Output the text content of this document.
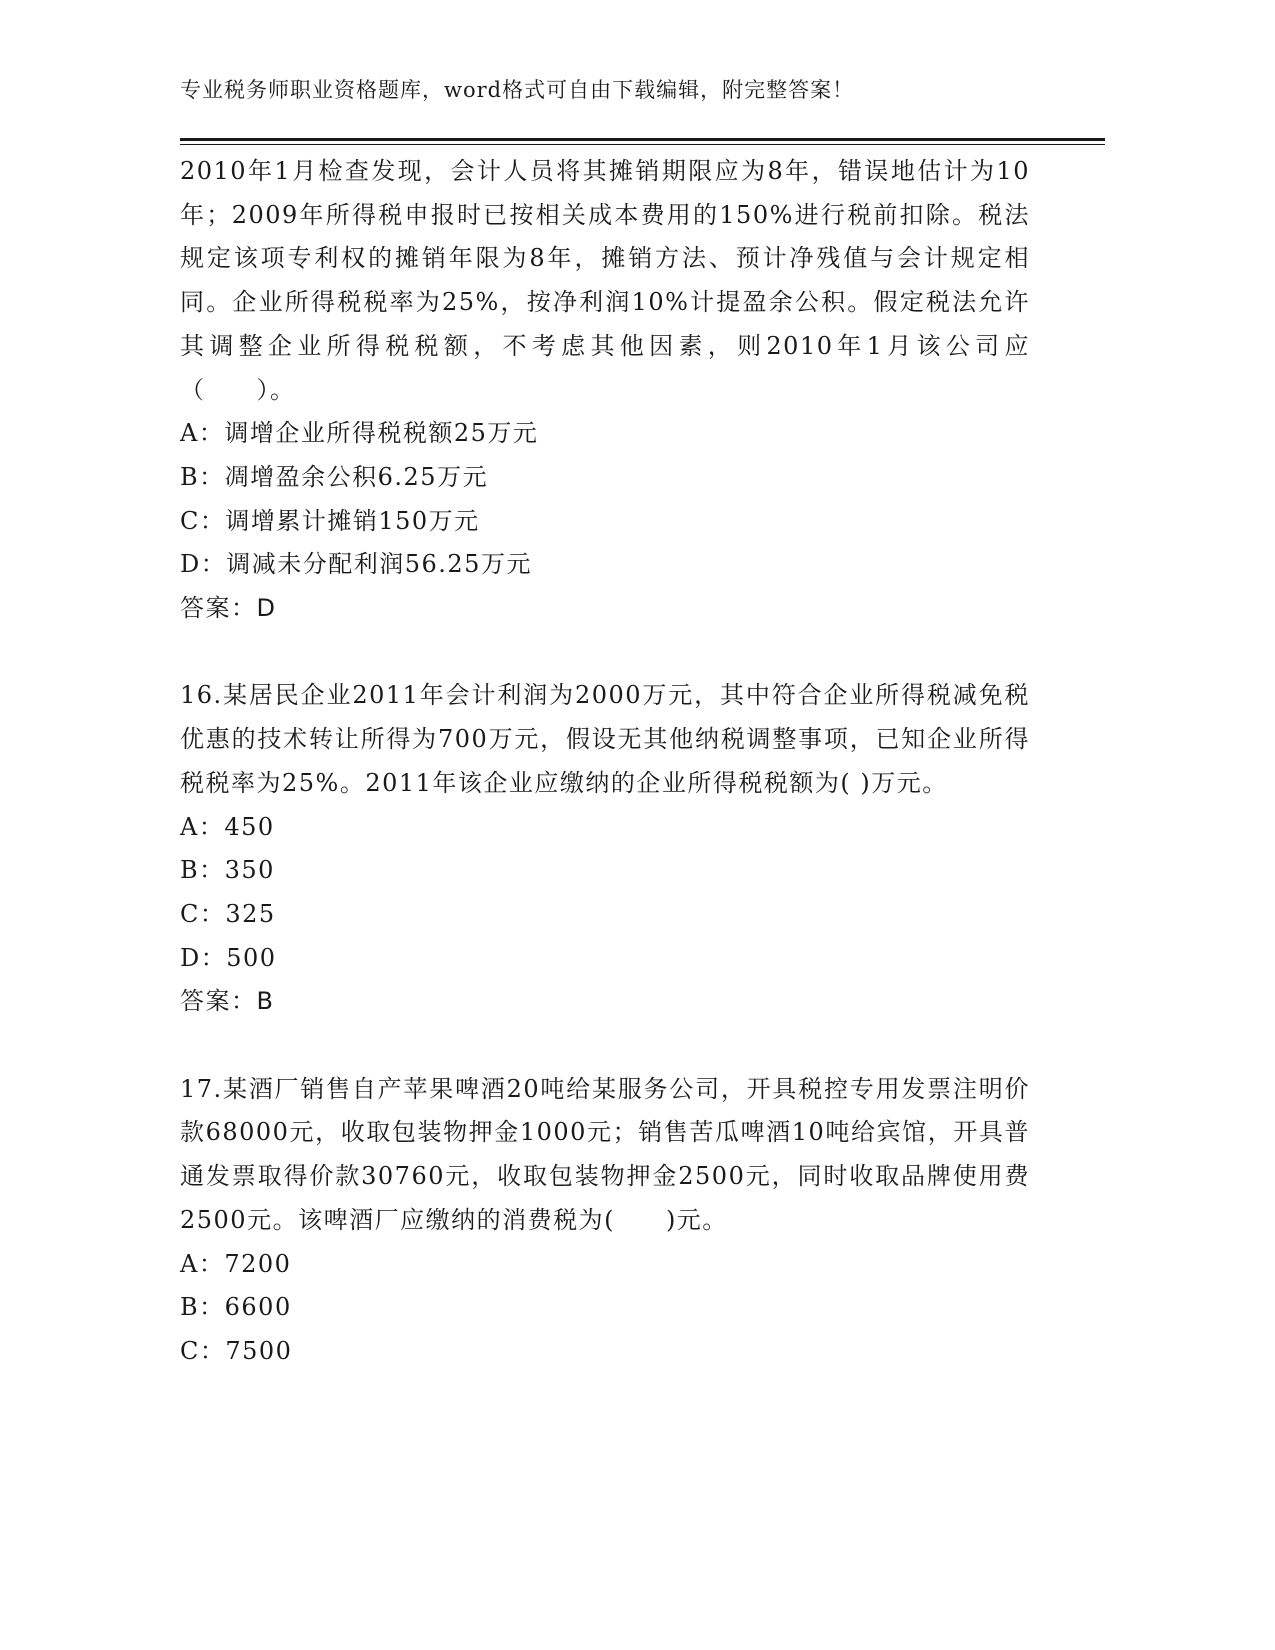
专业税务师职业资格题库，word格式可自由下载编辑，附完整答案！

2010年1月检查发现，会计人员将其摊销期限应为8年，错误地估计为10年；2009年所得税申报时已按相关成本费用的150%进行税前扣除。税法规定该项专利权的摊销年限为8年，摊销方法、预计净残值与会计规定相同。企业所得税税率为25%，按净利润10%计提盈余公积。假定税法允许其调整企业所得税税额，不考虑其他因素，则2010年1月该公司应（　　）。

A：调增企业所得税税额25万元

B：凋增盈余公积6.25万元

C：调增累计摊销150万元

D：调减未分配利润56.25万元

答案：D

16.某居民企业2011年会计利润为2000万元，其中符合企业所得税减免税优惠的技术转让所得为700万元，假设无其他纳税调整事项，已知企业所得税税率为25%。2011年该企业应缴纳的企业所得税税额为( )万元。

A：450

B：350

C：325

D：500

答案：B

17.某酒厂销售自产苹果啤酒20吨给某服务公司，开具税控专用发票注明价款68000元，收取包装物押金1000元；销售苦瓜啤酒10吨给宾馆，开具普通发票取得价款30760元，收取包装物押金2500元，同时收取品牌使用费2500元。该啤酒厂应缴纳的消费税为(　　)元。

A：7200

B：6600

C：7500
